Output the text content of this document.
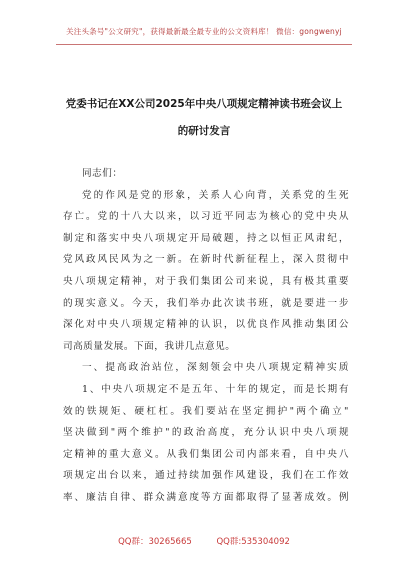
关注头条号"公文研究"，获得最新最全最专业的公文资料库！ 微信：gongwenyj
党委书记在XX公司2025年中央八项规定精神读书班会议上
的研讨发言
同志们：
党的作风是党的形象，关系人心向背，关系党的生死
存亡。党的十八大以来，以习近平同志为核心的党中央从
制定和落实中央八项规定开局破题，持之以恒正风肃纪，
党风政风民风为之一新。在新时代新征程上，深入贯彻中
央八项规定精神，对于我们集团公司来说，具有极其重要
的现实意义。今天，我们举办此次读书班，就是要进一步
深化对中央八项规定精神的认识，以优良作风推动集团公
司高质量发展。下面，我讲几点意见。
一、提高政治站位，深刻领会中央八项规定精神实质
1、中央八项规定不是五年、十年的规定，而是长期有
效的铁规矩、硬杠杠。我们要站在坚定拥护"两个确立"
坚决做到"两个维护"的政治高度，充分认识中央八项规
定精神的重大意义。从我们集团公司内部来看，自中央八
项规定出台以来，通过持续加强作风建设，我们在工作效
率、廉洁自律、群众满意度等方面都取得了显著成效。例
QQ群：30265665	QQ群:535304092
